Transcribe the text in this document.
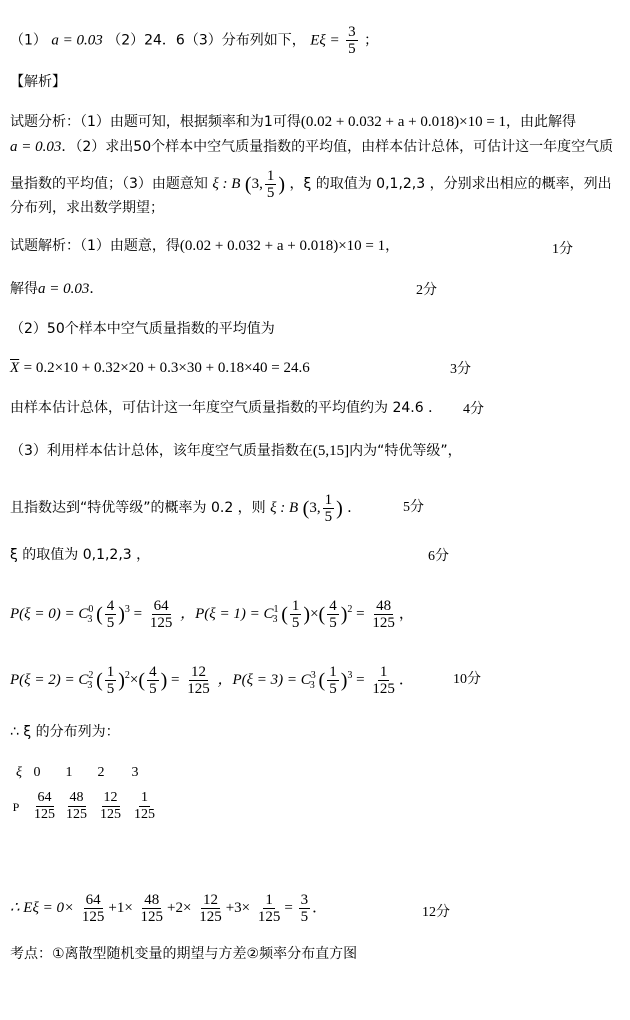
（1） a = 0.03 （2）24．6（3）分布列如下， $E\xi = \frac{3}{5}$ ；
【解析】
试题分析：（1）由题可知，根据频率和为1可得(0.02 + 0.032 + a + 0.018)×10 = 1，由此解得
a = 0.03．（2）求出50个样本中空气质量指数的平均值，由样本估计总体，可估计这一年度空气质
量指数的平均值；（3）由题意知 ξ : B (3, $\frac{1}{5}$ ) ，ξ 的取值为 0,1,2,3 ，分别求出相应的概率，列出
分布列，求出数学期望；
试题解析：（1）由题意，得(0.02 + 0.032 + a + 0.018)×10 = 1，	1分
解得a = 0.03．	2分
（2）50个样本中空气质量指数的平均值为
$\overline{X} = 0.2\times 10 + 0.32\times 20 + 0.3\times 30 + 0.18\times 40 = 24.6$	3分
由样本估计总体，可估计这一年度空气质量指数的平均值约为 24.6 ． 4分
（3）利用样本估计总体，该年度空气质量指数在(5,15]内为“特优等级”，
且指数达到“特优等级”的概率为 0.2 ，则 ξ : B (3, $\frac{1}{5}$ ) ．	5分
ξ 的取值为 0,1,2,3 ，	6分
$P(\xi = 0) = C^0_3$ ( $\frac{4}{5} )^3 = \frac{64}{125}$ ，$P(\xi = 1) = C^1_3$ ( $\frac{1}{5}$ )×( $\frac{4}{5} )^2 = \frac{48}{125}$ ，
$P(\xi = 2) = C^2_3$ ( $\frac{1}{5} )^2\times( \frac{4}{5}$ ) = $\frac{12}{125}$ ，$P(\xi = 3) = C^3_3$ ( $\frac{1}{5} )^3 = \frac{1}{125}$ ．	10分
∴ ξ 的分布列为：
ξ 0 1 2 3
P $\frac{64}{125} \frac{48}{125} \frac{12}{125} \frac{1}{125}$
∴ $E\xi = 0\times \frac{64}{125} +1\times \frac{48}{125} +2\times \frac{12}{125} +3\times \frac{1}{125} = \frac{3}{5}$ ．	12分
考点：①离散型随机变量的期望与方差②频率分布直方图
